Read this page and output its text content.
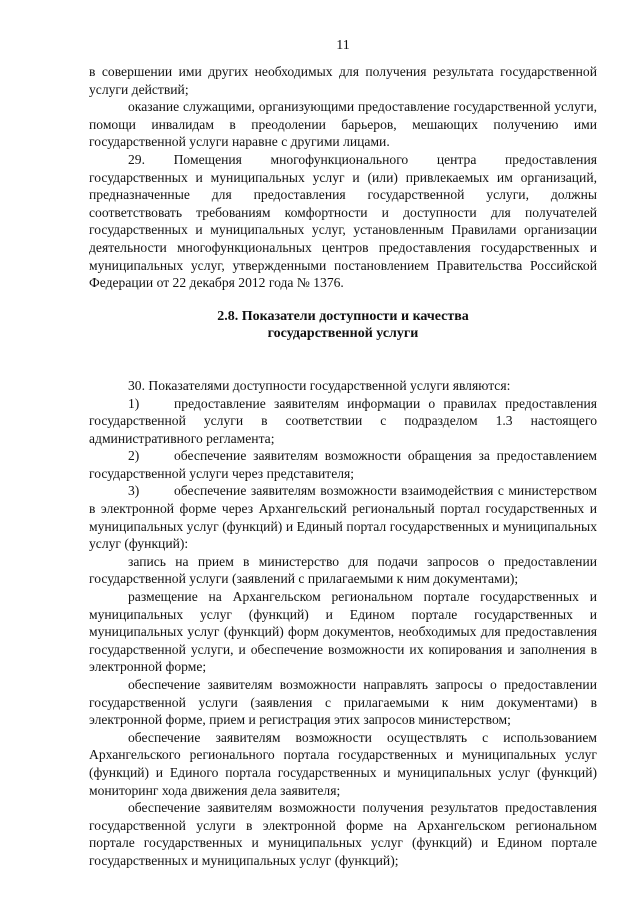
11

в совершении ими других необходимых для получения результата государственной услуги действий;

оказание служащими, организующими предоставление государственной услуги, помощи инвалидам в преодолении барьеров, мешающих получению ими государственной услуги наравне с другими лицами.

29. Помещения многофункционального центра предоставления государственных и муниципальных услуг и (или) привлекаемых им организаций, предназначенные для предоставления государственной услуги, должны соответствовать требованиям комфортности и доступности для получателей государственных и муниципальных услуг, установленным Правилами организации деятельности многофункциональных центров предоставления государственных и муниципальных услуг, утвержденными постановлением Правительства Российской Федерации от 22 декабря 2012 года № 1376.

2.8. Показатели доступности и качества

государственной услуги

30. Показателями доступности государственной услуги являются:

1)	предоставление заявителям информации о правилах предоставления государственной услуги в соответствии с подразделом 1.3 настоящего административного регламента;

2)	обеспечение заявителям возможности обращения за предоставлением государственной услуги через представителя;

3)	обеспечение заявителям возможности взаимодействия с министерством в электронной форме через Архангельский региональный портал государственных и муниципальных услуг (функций) и Единый портал государственных и муниципальных услуг (функций):

запись на прием в министерство для подачи запросов о предоставлении государственной услуги (заявлений с прилагаемыми к ним документами);

размещение на Архангельском региональном портале государственных и муниципальных услуг (функций) и Едином портале государственных и муниципальных услуг (функций) форм документов, необходимых для предоставления государственной услуги, и обеспечение возможности их копирования и заполнения в электронной форме;

обеспечение заявителям возможности направлять запросы о предоставлении государственной услуги (заявления с прилагаемыми к ним документами) в электронной форме, прием и регистрация этих запросов министерством;

обеспечение заявителям возможности осуществлять с использованием Архангельского регионального портала государственных и муниципальных услуг (функций) и Единого портала государственных и муниципальных услуг (функций) мониторинг хода движения дела заявителя;

обеспечение заявителям возможности получения результатов предоставления государственной услуги в электронной форме на Архангельском региональном портале государственных и муниципальных услуг (функций) и Едином портале государственных и муниципальных услуг (функций);
